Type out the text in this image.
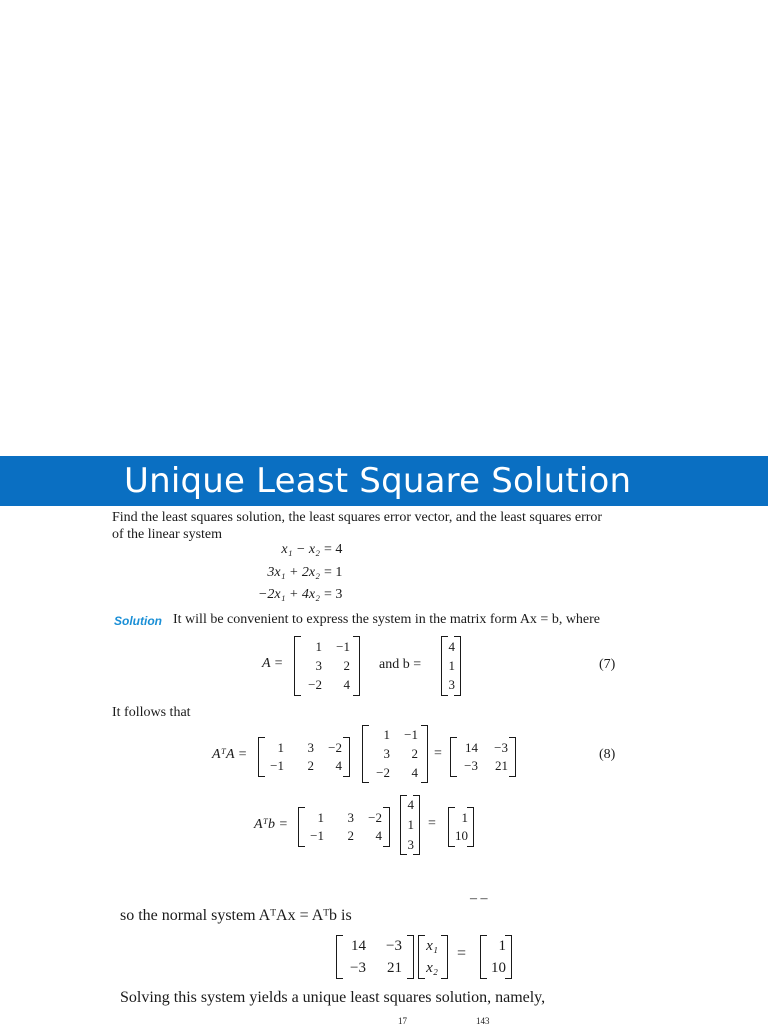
Unique Least Square Solution
Find the least squares solution, the least squares error vector, and the least squares error
of the linear system
x₁ − x₂ = 4
3x₁ + 2x₂ = 1
−2x₁ + 4x₂ = 3
Solution It will be convenient to express the system in the matrix form Ax = b, where
A =
1	−1
3	2
−2	4
and b =
4
1
3
(7)
It follows that
AᵀA =	1	3	−2
−1	2	4
1	−1
3	2
−2	4
=	14	−3
−3	21
(8)
Aᵀb =	1	3	−2
−1	2	4
4
1
3
=	1
10
– –
so the normal system AᵀAx = Aᵀb is
14	−3
−3	21
x₁
x₂
=	1
10
Solving this system yields a unique least squares solution, namely,
17	143
